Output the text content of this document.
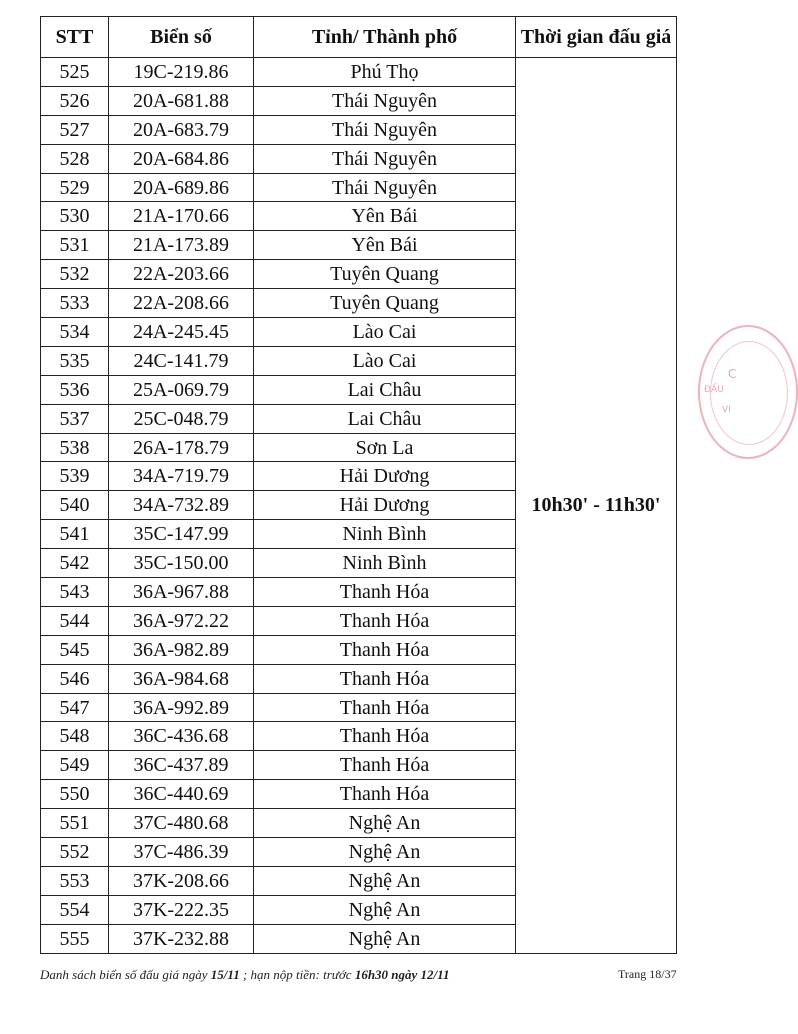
STT	Biển số	Tỉnh/ Thành phố	Thời gian đấu giá
525	19C-219.86	Phú Thọ	10h30' - 11h30'
526	20A-681.88	Thái Nguyên	
527	20A-683.79	Thái Nguyên	
528	20A-684.86	Thái Nguyên	
529	20A-689.86	Thái Nguyên	
530	21A-170.66	Yên Bái	
531	21A-173.89	Yên Bái	
532	22A-203.66	Tuyên Quang	
533	22A-208.66	Tuyên Quang	
534	24A-245.45	Lào Cai	
535	24C-141.79	Lào Cai	
536	25A-069.79	Lai Châu	
537	25C-048.79	Lai Châu	
538	26A-178.79	Sơn La	
539	34A-719.79	Hải Dương	
540	34A-732.89	Hải Dương	
541	35C-147.99	Ninh Bình	
542	35C-150.00	Ninh Bình	
543	36A-967.88	Thanh Hóa	
544	36A-972.22	Thanh Hóa	
545	36A-982.89	Thanh Hóa	
546	36A-984.68	Thanh Hóa	
547	36A-992.89	Thanh Hóa	
548	36C-436.68	Thanh Hóa	
549	36C-437.89	Thanh Hóa	
550	36C-440.69	Thanh Hóa	
551	37C-480.68	Nghệ An	
552	37C-486.39	Nghệ An	
553	37K-208.66	Nghệ An	
554	37K-222.35	Nghệ An	
555	37K-232.88	Nghệ An	
Danh sách biển số đấu giá ngày 15/11 ; hạn nộp tiền: trước 16h30 ngày 12/11	Trang 18/37
C
ĐẤU
VI
